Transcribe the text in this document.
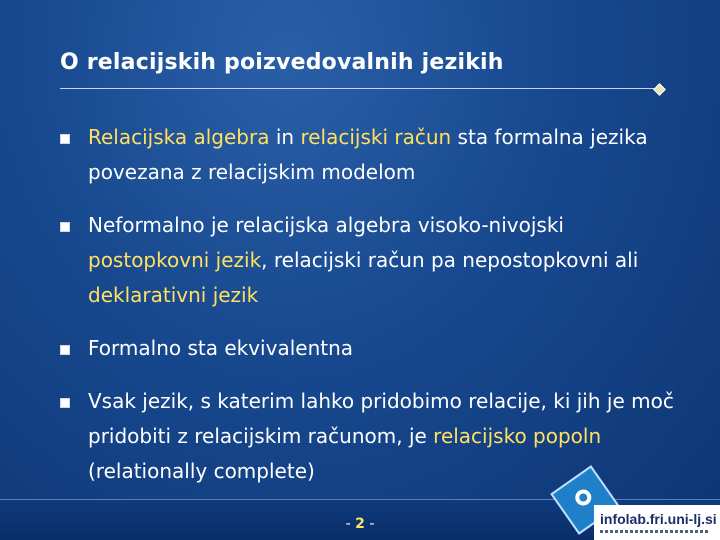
O relacijskih poizvedovalnih jezikih
Relacijska algebra in relacijski račun sta formalna jezika povezana z relacijskim modelom
Neformalno je relacijska algebra visoko-nivojski postopkovni jezik, relacijski račun pa nepostopkovni ali deklarativni jezik
Formalno sta ekvivalentna
Vsak jezik, s katerim lahko pridobimo relacije, ki jih je moč pridobiti z relacijskim računom, je relacijsko popoln (relationally complete)
- 2 -	infolab.fri.uni-lj.si
